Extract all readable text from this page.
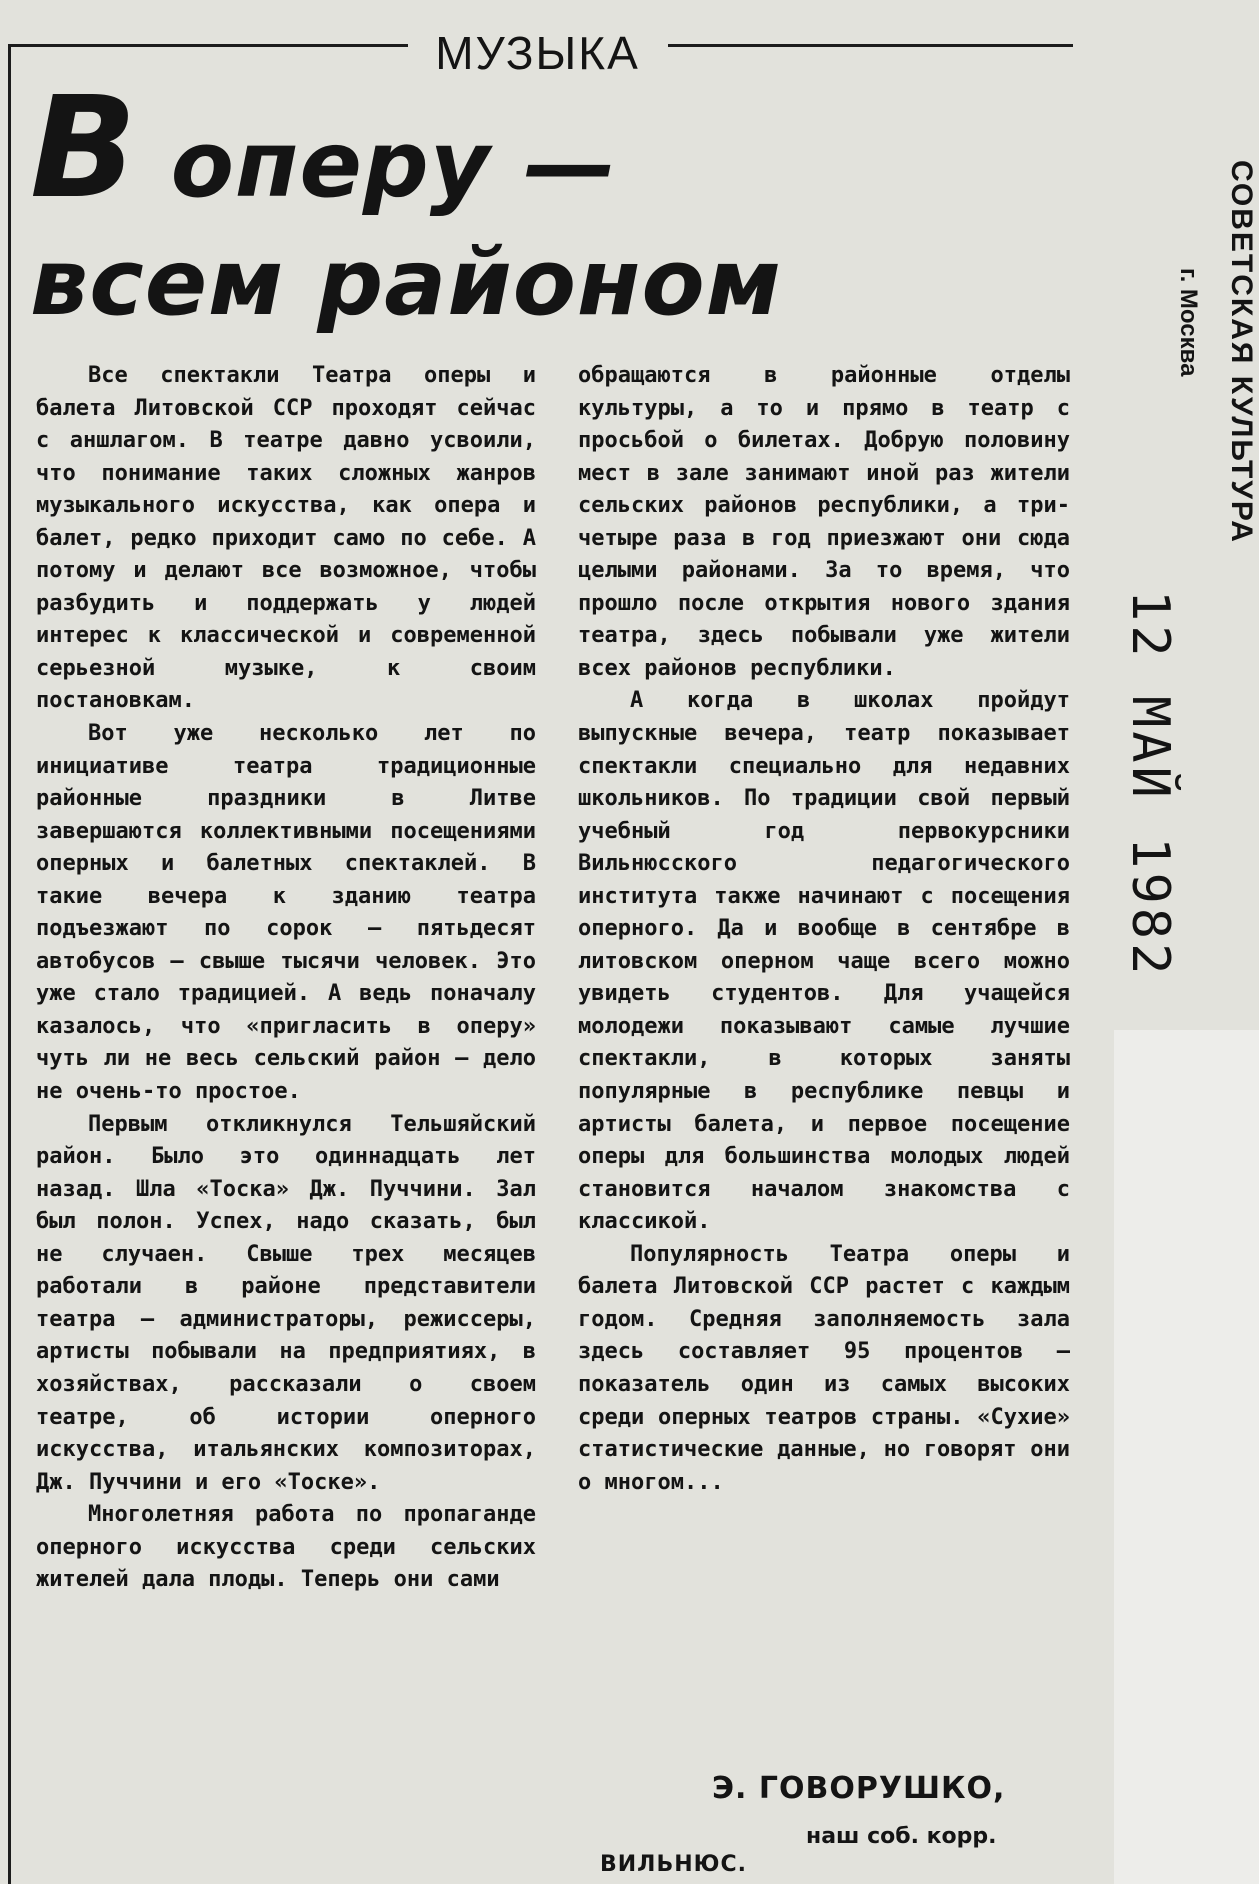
МУЗЫКА
В оперу —
всем районом

Все спектакли Театра оперы и балета Литовской ССР проходят сейчас с аншлагом. В театре давно усвоили, что понимание таких сложных жанров музыкального искусства, как опера и балет, редко приходит само по себе. А потому и делают все возможное, чтобы разбудить и поддержать у людей интерес к классической и современной серьезной музыке, к своим постановкам.

Вот уже несколько лет по инициативе театра традиционные районные праздники в Литве завершаются коллективными посещениями оперных и балетных спектаклей. В такие вечера к зданию театра подъезжают по сорок — пятьдесят автобусов — свыше тысячи человек. Это уже стало традицией. А ведь поначалу казалось, что «пригласить в оперу» чуть ли не весь сельский район — дело не очень-то простое.

Первым откликнулся Тельшяйский район. Было это одиннадцать лет назад. Шла «Тоска» Дж. Пуччини. Зал был полон. Успех, надо сказать, был не случаен. Свыше трех месяцев работали в районе представители театра — администраторы, режиссеры, артисты побывали на предприятиях, в хозяйствах, рассказали о своем театре, об истории оперного искусства, итальянских композиторах, Дж. Пуччини и его «Тоске».

Многолетняя работа по пропаганде оперного искусства среди сельских жителей дала плоды. Теперь они сами

обращаются в районные отделы культуры, а то и прямо в театр с просьбой о билетах. Добрую половину мест в зале занимают иной раз жители сельских районов республики, а три-четыре раза в год приезжают они сюда целыми районами. За то время, что прошло после открытия нового здания театра, здесь побывали уже жители всех районов республики.

А когда в школах пройдут выпускные вечера, театр показывает спектакли специально для недавних школьников. По традиции свой первый учебный год первокурсники Вильнюсского педагогического института также начинают с посещения оперного. Да и вообще в сентябре в литовском оперном чаще всего можно увидеть студентов. Для учащейся молодежи показывают самые лучшие спектакли, в которых заняты популярные в республике певцы и артисты балета, и первое посещение оперы для большинства молодых людей становится началом знакомства с классикой.

Популярность Театра оперы и балета Литовской ССР растет с каждым годом. Средняя заполняемость зала здесь составляет 95 процентов — показатель один из самых высоких среди оперных театров страны. «Сухие» статистические данные, но говорят они о многом...

Э. ГОВОРУШКО,
наш соб. корр.
ВИЛЬНЮС.
СОВЕТСКАЯ КУЛЬТУРА
г. Москва
12 МАЙ 1982
